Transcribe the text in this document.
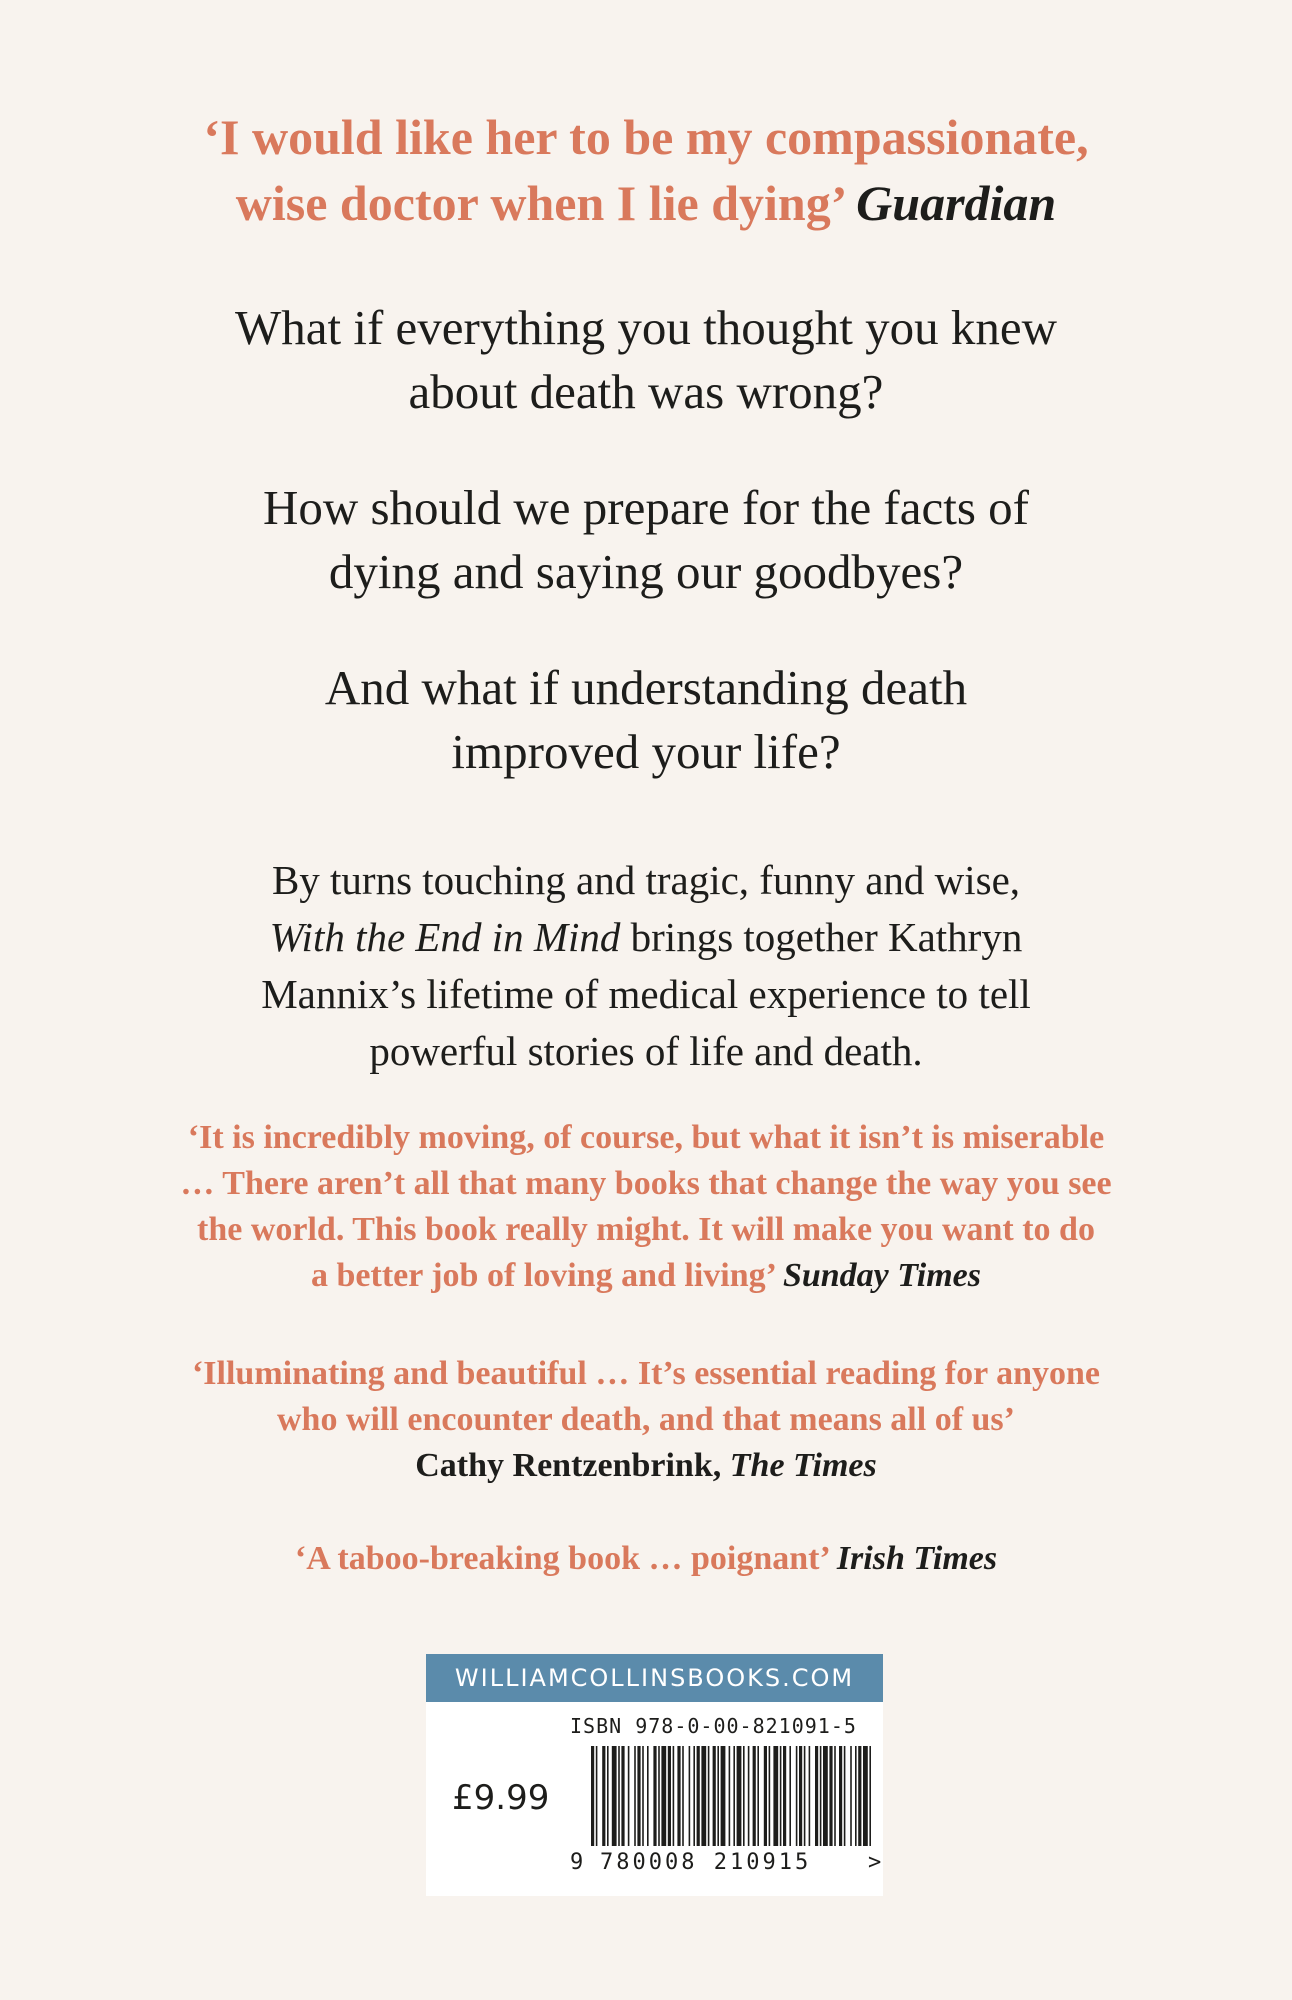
‘I would like her to be my compassionate,
wise doctor when I lie dying’ Guardian
What if everything you thought you knew
about death was wrong?
How should we prepare for the facts of
dying and saying our goodbyes?
And what if understanding death
improved your life?
By turns touching and tragic, funny and wise,
With the End in Mind brings together Kathryn
Mannix’s lifetime of medical experience to tell
powerful stories of life and death.
‘It is incredibly moving, of course, but what it isn’t is miserable
… There aren’t all that many books that change the way you see
the world. This book really might. It will make you want to do
a better job of loving and living’ Sunday Times
‘Illuminating and beautiful … It’s essential reading for anyone
who will encounter death, and that means all of us’
Cathy Rentzenbrink, The Times
‘A taboo-breaking book … poignant’ Irish Times
WILLIAMCOLLINSBOOKS.COM
ISBN 978-0-00-821091-5
£9.99

9

780008 210915

	>
